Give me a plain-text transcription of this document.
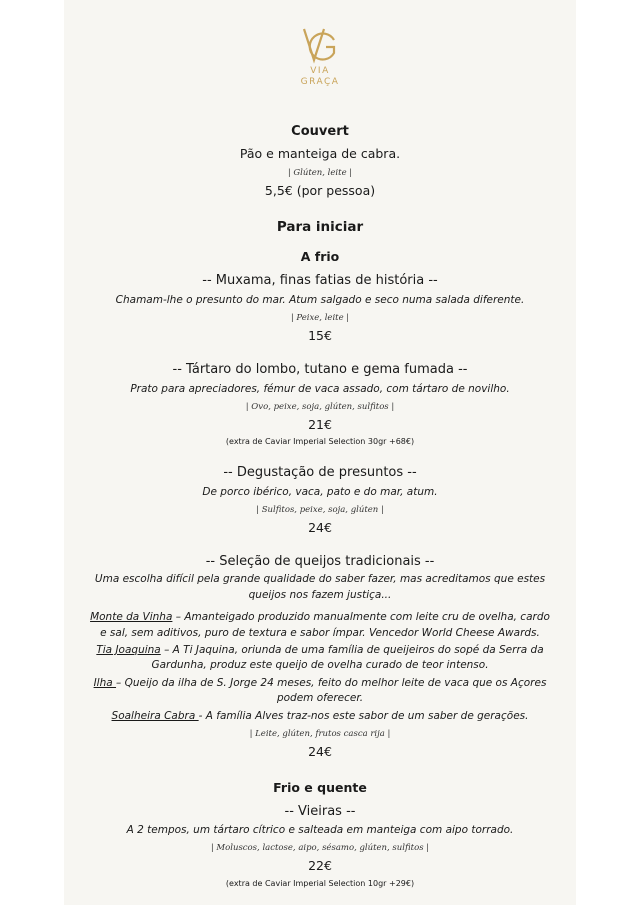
VIA
GRAÇA
Couvert
Pão e manteiga de cabra.
| Glúten, leite |
5,5€ (por pessoa)
Para iniciar
A frio
-- Muxama, finas fatias de história --
Chamam-lhe o presunto do mar. Atum salgado e seco numa salada diferente.
| Peixe, leite |
15€
-- Tártaro do lombo, tutano e gema fumada --
Prato para apreciadores, fémur de vaca assado, com tártaro de novilho.
| Ovo, peixe, soja, glúten, sulfitos |
21€
(extra de Caviar Imperial Selection 30gr +68€)
-- Degustação de presuntos --
De porco ibérico, vaca, pato e do mar, atum.
| Sulfitos, peixe, soja, glúten |
24€
-- Seleção de queijos tradicionais --
Uma escolha difícil pela grande qualidade do saber fazer, mas acreditamos que estes
queijos nos fazem justiça...
Monte da Vinha – Amanteigado produzido manualmente com leite cru de ovelha, cardo
e sal, sem aditivos, puro de textura e sabor ímpar. Vencedor World Cheese Awards.
Tia Joaquina – A Ti Jaquina, oriunda de uma família de queijeiros do sopé da Serra da
Gardunha, produz este queijo de ovelha curado de teor intenso.
Ilha – Queijo da ilha de S. Jorge 24 meses, feito do melhor leite de vaca que os Açores
podem oferecer.
Soalheira Cabra - A família Alves traz-nos este sabor de um saber de gerações.
| Leite, glúten, frutos casca rija |
24€
Frio e quente
-- Vieiras --
A 2 tempos, um tártaro cítrico e salteada em manteiga com aipo torrado.
| Moluscos, lactose, aipo, sésamo, glúten, sulfitos |
22€
(extra de Caviar Imperial Selection 10gr +29€)
